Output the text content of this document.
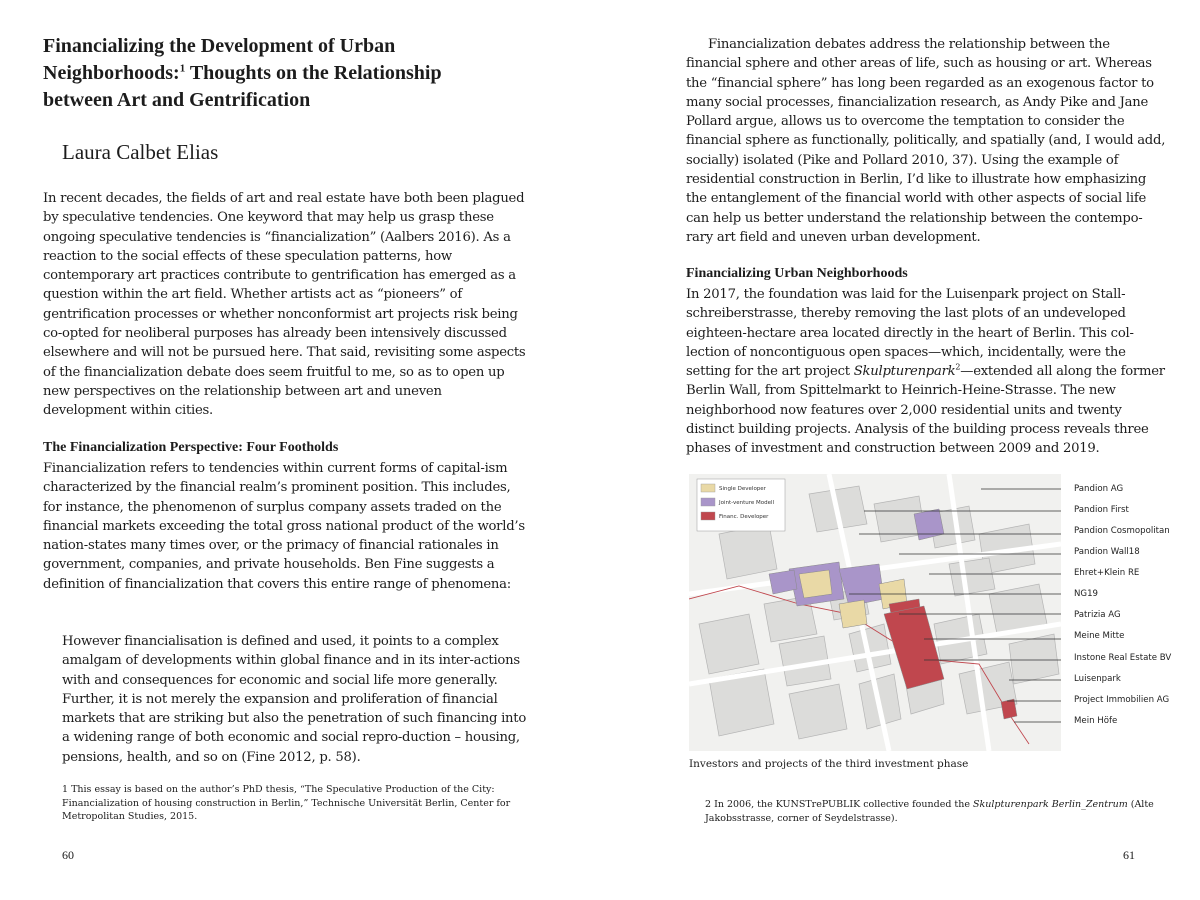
Financializing the Development of Urban Neighborhoods:$^1$ Thoughts on the Relationship between Art and Gentrification

Laura Calbet Elias

In recent decades, the fields of art and real estate have both been plagued by speculative tendencies. One keyword that may help us grasp these ongoing speculative tendencies is “financialization” (Aalbers 2016). As a reaction to the social effects of these speculation patterns, how contemporary art practices contribute to gentrification has emerged as a question within the art field. Whether artists act as “pioneers” of gentrification processes or whether nonconformist art projects risk being co-opted for neoliberal purposes has already been intensively discussed elsewhere and will not be pursued here. That said, revisiting some aspects of the financialization debate does seem fruitful to me, so as to open up new perspectives on the relationship between art and uneven development within cities.

The Financialization Perspective: Four Footholds

Financialization refers to tendencies within current forms of capital-ism characterized by the financial realm’s prominent position. This includes, for instance, the phenomenon of surplus company assets traded on the financial markets exceeding the total gross national product of the world’s nation-states many times over, or the primacy of financial rationales in government, companies, and private households. Ben Fine suggests a definition of financialization that covers this entire range of phenomena:

However financialisation is defined and used, it points to a complex amalgam of developments within global finance and in its inter-actions with and consequences for economic and social life more generally. Further, it is not merely the expansion and proliferation of financial markets that are striking but also the penetration of such financing into a widening range of both economic and social repro-duction – housing, pensions, health, and so on (Fine 2012, p. 58).

1 This essay is based on the author’s PhD thesis, “The Speculative Production of the City: Financialization of housing construction in Berlin,” Technische Universität Berlin, Center for Metropolitan Studies, 2015.

60

Financialization debates address the relationship between the financial sphere and other areas of life, such as housing or art. Whereas the “financial sphere” has long been regarded as an exogenous factor to many social processes, financialization research, as Andy Pike and Jane Pollard argue, allows us to overcome the temptation to consider the financial sphere as functionally, politically, and spatially (and, I would add, socially) isolated (Pike and Pollard 2010, 37). Using the example of residential construction in Berlin, I’d like to illustrate how emphasizing the entanglement of the financial world with other aspects of social life can help us better understand the relationship between the contempo-rary art field and uneven urban development.

Financializing Urban Neighborhoods

In 2017, the foundation was laid for the Luisenpark project on Stall-schreiberstrasse, thereby removing the last plots of an undeveloped eighteen-hectare area located directly in the heart of Berlin. This col-lection of noncontiguous open spaces—which, incidentally, were the setting for the art project Skulpturenpark$^2$—extended all along the former Berlin Wall, from Spittelmarkt to Heinrich-Heine-Strasse. The new neighborhood now features over 2,000 residential units and twenty distinct building projects. Analysis of the building process reveals three phases of investment and construction between 2009 and 2019.

Single Developer
Joint-venture Modell
Financ. Developer
Pandion AG
Pandion First
Pandion Cosmopolitan
Pandion Wall18
Ehret+Klein RE
NG19
Patrizia AG
Meine Mitte
Instone Real Estate BV
Luisenpark
Project Immobilien AG
Mein Höfe

Investors and projects of the third investment phase

2 In 2006, the KUNSTrePUBLIK collective founded the Skulpturenpark Berlin_Zentrum (Alte Jakobsstrasse, corner of Seydelstrasse).

61
